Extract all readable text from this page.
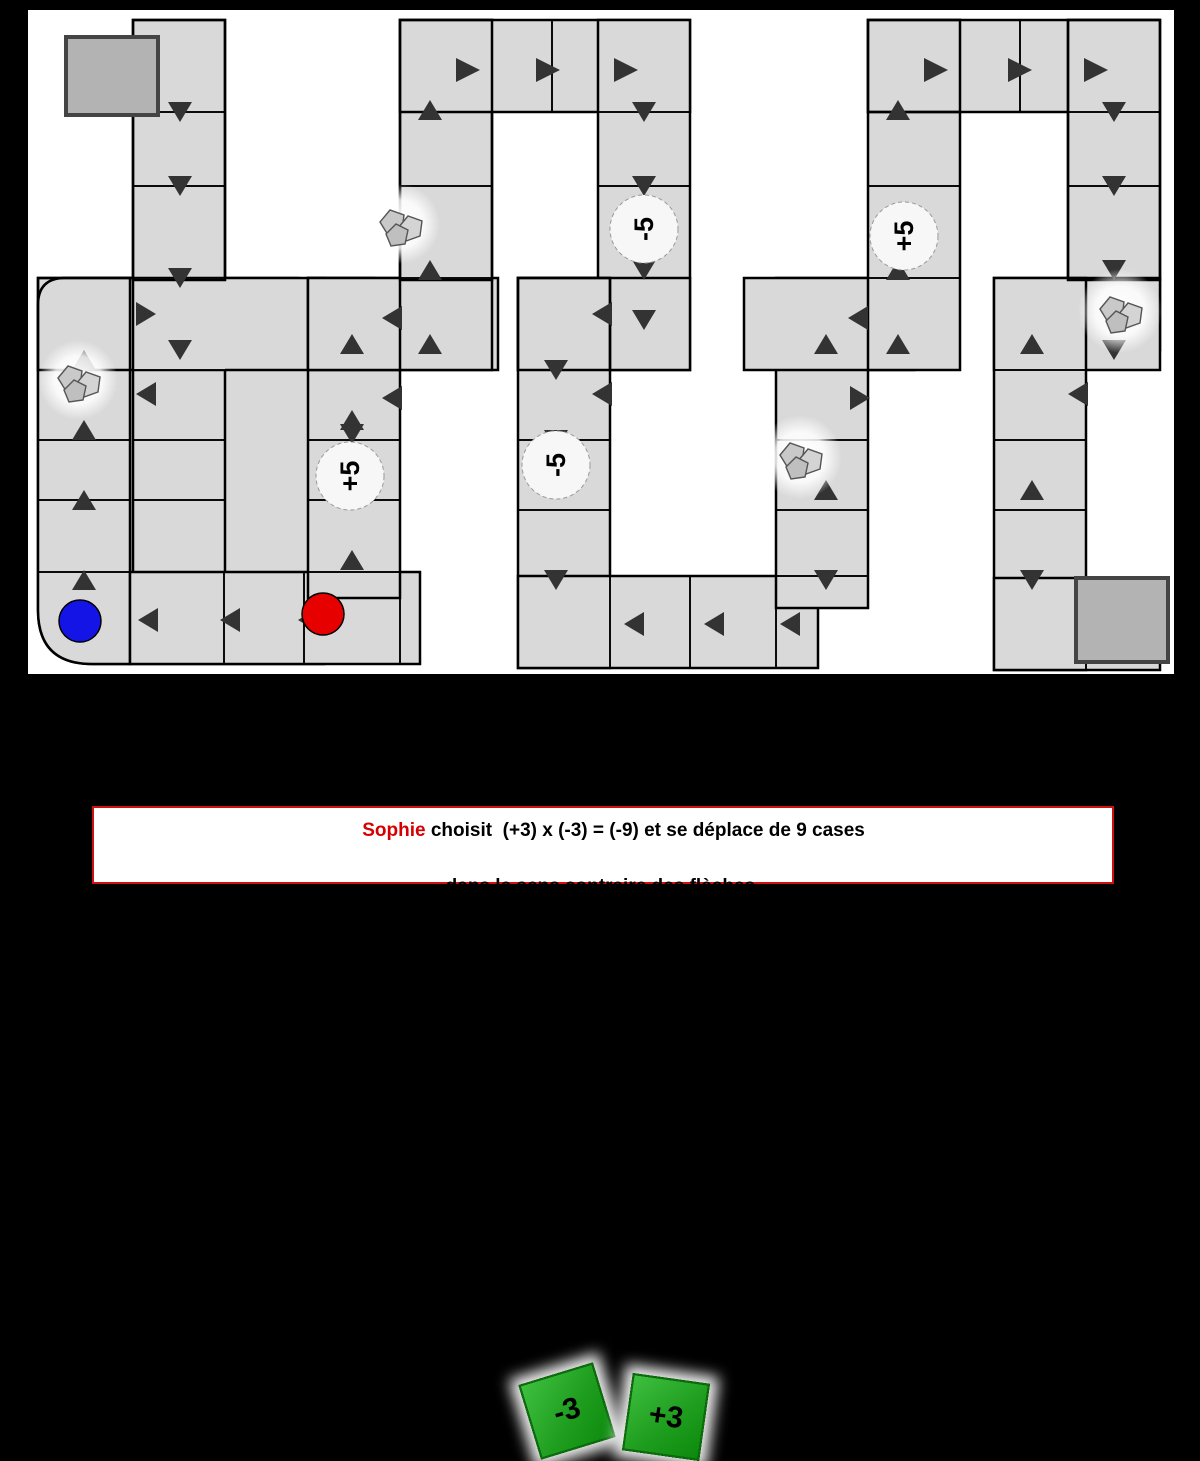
-5	+5
+5	-5
-3 +3

Sophie choisit  (+3) x (-3) = (-9) et se déplace de 9 cases

dans le sens contraire des flèches.
